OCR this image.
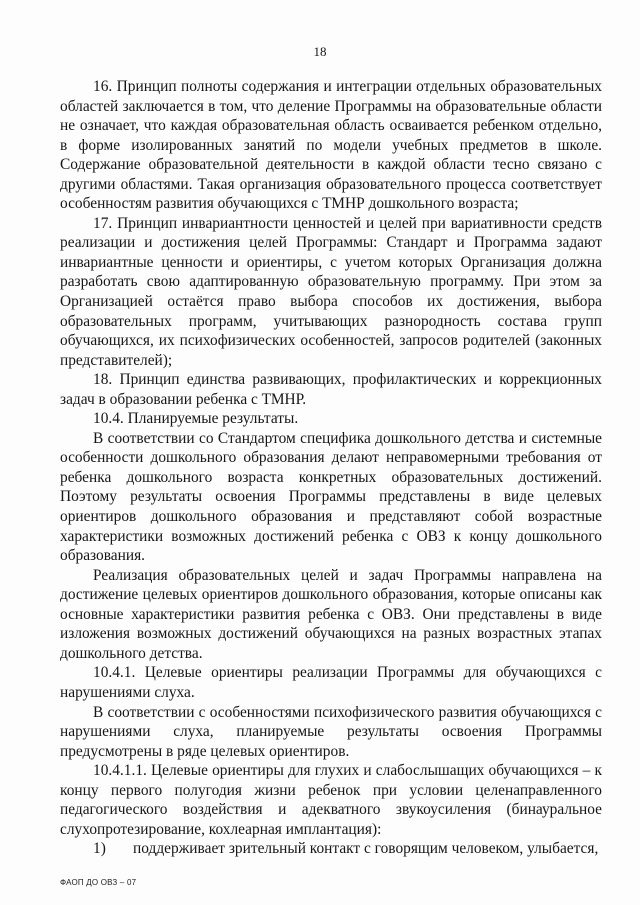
18

16. Принцип полноты содержания и интеграции отдельных образовательных областей заключается в том, что деление Программы на образовательные области не означает, что каждая образовательная область осваивается ребенком отдельно, в форме изолированных занятий по модели учебных предметов в школе. Содержание образовательной деятельности в каждой области тесно связано с другими областями. Такая организация образовательного процесса соответствует особенностям развития обучающихся с ТМНР дошкольного возраста;

17. Принцип инвариантности ценностей и целей при вариативности средств реализации и достижения целей Программы: Стандарт и Программа задают инвариантные ценности и ориентиры, с учетом которых Организация должна разработать свою адаптированную образовательную программу. При этом за Организацией остаётся право выбора способов их достижения, выбора образовательных программ, учитывающих разнородность состава групп обучающихся, их психофизических особенностей, запросов родителей (законных представителей);

18. Принцип единства развивающих, профилактических и коррекционных задач в образовании ребенка с ТМНР.

10.4. Планируемые результаты.

В соответствии со Стандартом специфика дошкольного детства и системные особенности дошкольного образования делают неправомерными требования от ребенка дошкольного возраста конкретных образовательных достижений. Поэтому результаты освоения Программы представлены в виде целевых ориентиров дошкольного образования и представляют собой возрастные характеристики возможных достижений ребенка с ОВЗ к концу дошкольного образования.

Реализация образовательных целей и задач Программы направлена на достижение целевых ориентиров дошкольного образования, которые описаны как основные характеристики развития ребенка с ОВЗ. Они представлены в виде изложения возможных достижений обучающихся на разных возрастных этапах дошкольного детства.

10.4.1. Целевые ориентиры реализации Программы для обучающихся с нарушениями слуха.

В соответствии с особенностями психофизического развития обучающихся с нарушениями слуха, планируемые результаты освоения Программы предусмотрены в ряде целевых ориентиров.

10.4.1.1. Целевые ориентиры для глухих и слабослышащих обучающихся – к концу первого полугодия жизни ребенок при условии целенаправленного педагогического воздействия и адекватного звукоусиления (бинауральное слухопротезирование, кохлеарная имплантация):

1) поддерживает зрительный контакт с говорящим человеком, улыбается,

ФАОП ДО ОВЗ – 07
